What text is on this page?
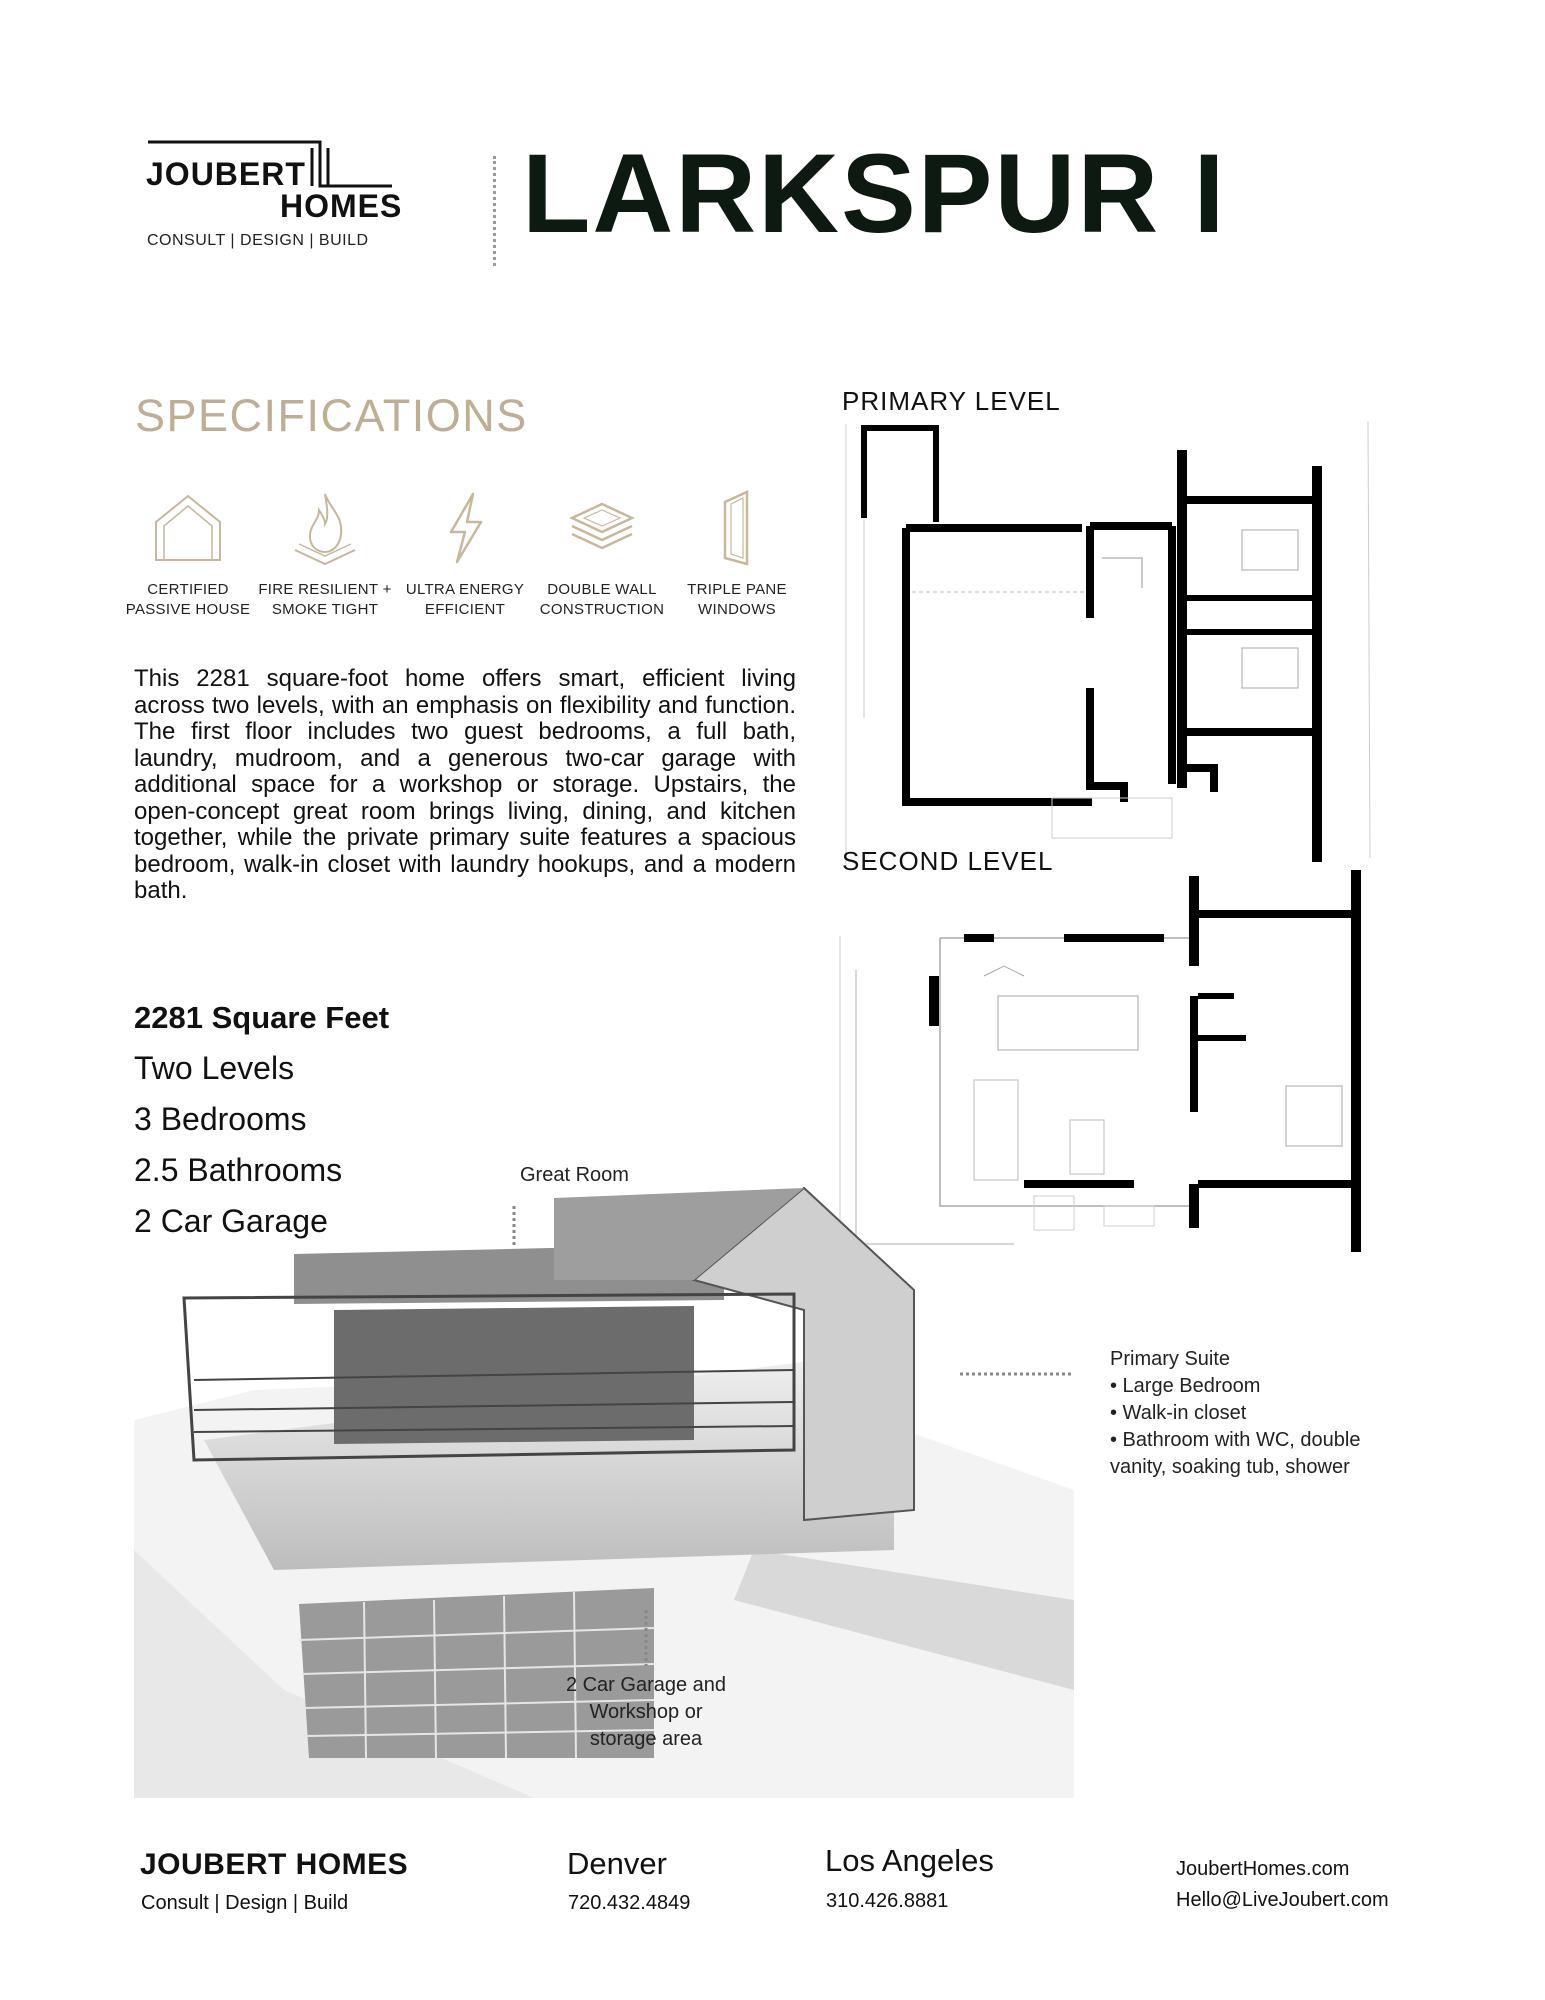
JOUBERT
HOMES
CONSULT | DESIGN | BUILD LARKSPUR I
SPECIFICATIONS
CERTIFIED
PASSIVE HOUSE
FIRE RESILIENT +
SMOKE TIGHT
ULTRA ENERGY
EFFICIENT
DOUBLE WALL
CONSTRUCTION
TRIPLE PANE
WINDOWS
This 2281 square-foot home offers smart, efficient living across two levels, with an emphasis on flexibility and function. The first floor includes two guest bedrooms, a full bath, laundry, mudroom, and a generous two-car garage with additional space for a workshop or storage. Upstairs, the open-concept great room brings living, dining, and kitchen together, while the private primary suite features a spacious bedroom, walk-in closet with laundry hookups, and a modern bath.
2281 Square Feet
Two Levels
3 Bedrooms
2.5 Bathrooms
2 Car Garage
PRIMARY LEVEL
SECOND LEVEL
Great Room
Primary Suite
• Large Bedroom
• Walk-in closet
• Bathroom with WC, double
vanity, soaking tub, shower
2 Car Garage and
Workshop or
storage area
JOUBERT HOMES
Consult | Design | Build
Denver
720.432.4849
Los Angeles
310.426.8881
JoubertHomes.com
Hello@LiveJoubert.com
